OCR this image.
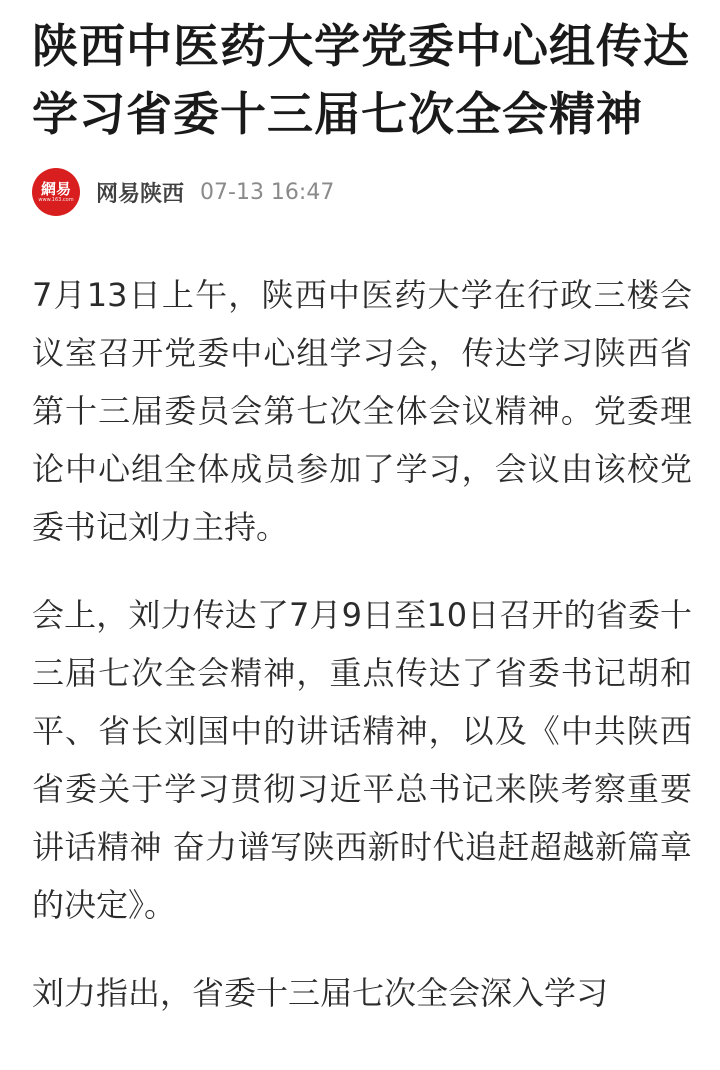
陕西中医药大学党委中心组传达学习省委十三届七次全会精神
網易
www.163.com 网易陕西 07-13 16:47

7月13日上午，陕西中医药大学在行政三楼会议室召开党委中心组学习会，传达学习陕西省第十三届委员会第七次全体会议精神。党委理论中心组全体成员参加了学习，会议由该校党委书记刘力主持。

会上，刘力传达了7月9日至10日召开的省委十三届七次全会精神，重点传达了省委书记胡和平、省长刘国中的讲话精神，以及《中共陕西省委关于学习贯彻习近平总书记来陕考察重要讲话精神 奋力谱写陕西新时代追赶超越新篇章的决定》。

刘力指出，省委十三届七次全会深入学习
